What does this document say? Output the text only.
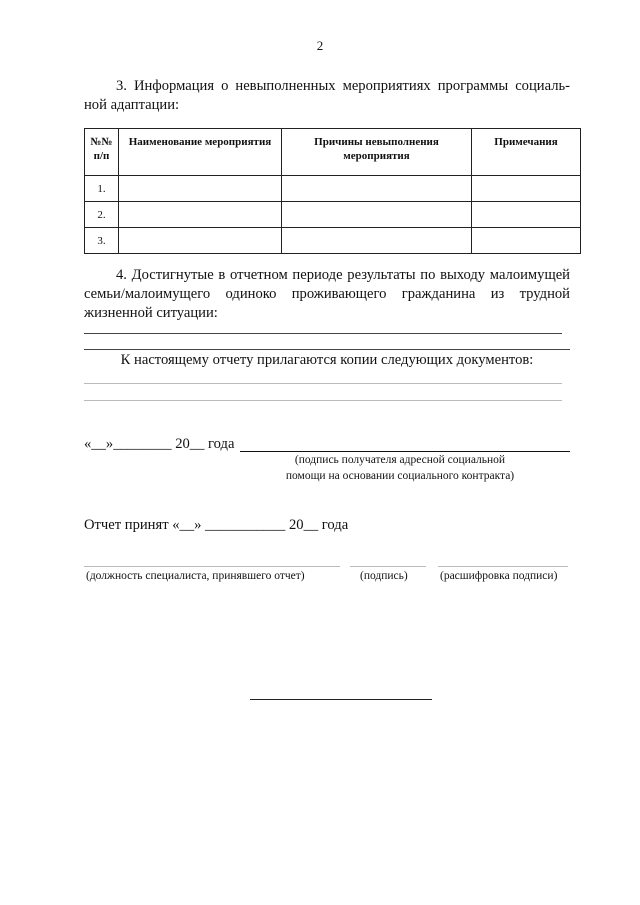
2
3. Информация о невыполненных мероприятиях программы социаль-ной адаптации:
№№ п/п	Наименование мероприятия	Причины невыполнения мероприятия	Примечания
1.			
2.			
3.			
4. Достигнутые в отчетном периоде результаты по выходу малоимущей семьи/малоимущего одиноко проживающего гражданина из трудной жизненной ситуации:
К настоящему отчету прилагаются копии следующих документов:
«__»________ 20__ года
(подпись получателя адресной социальной
помощи на основании социального контракта)
Отчет принят «__» ___________ 20__ года
(должность специалиста, принявшего отчет)	(подпись)	(расшифровка подписи)
